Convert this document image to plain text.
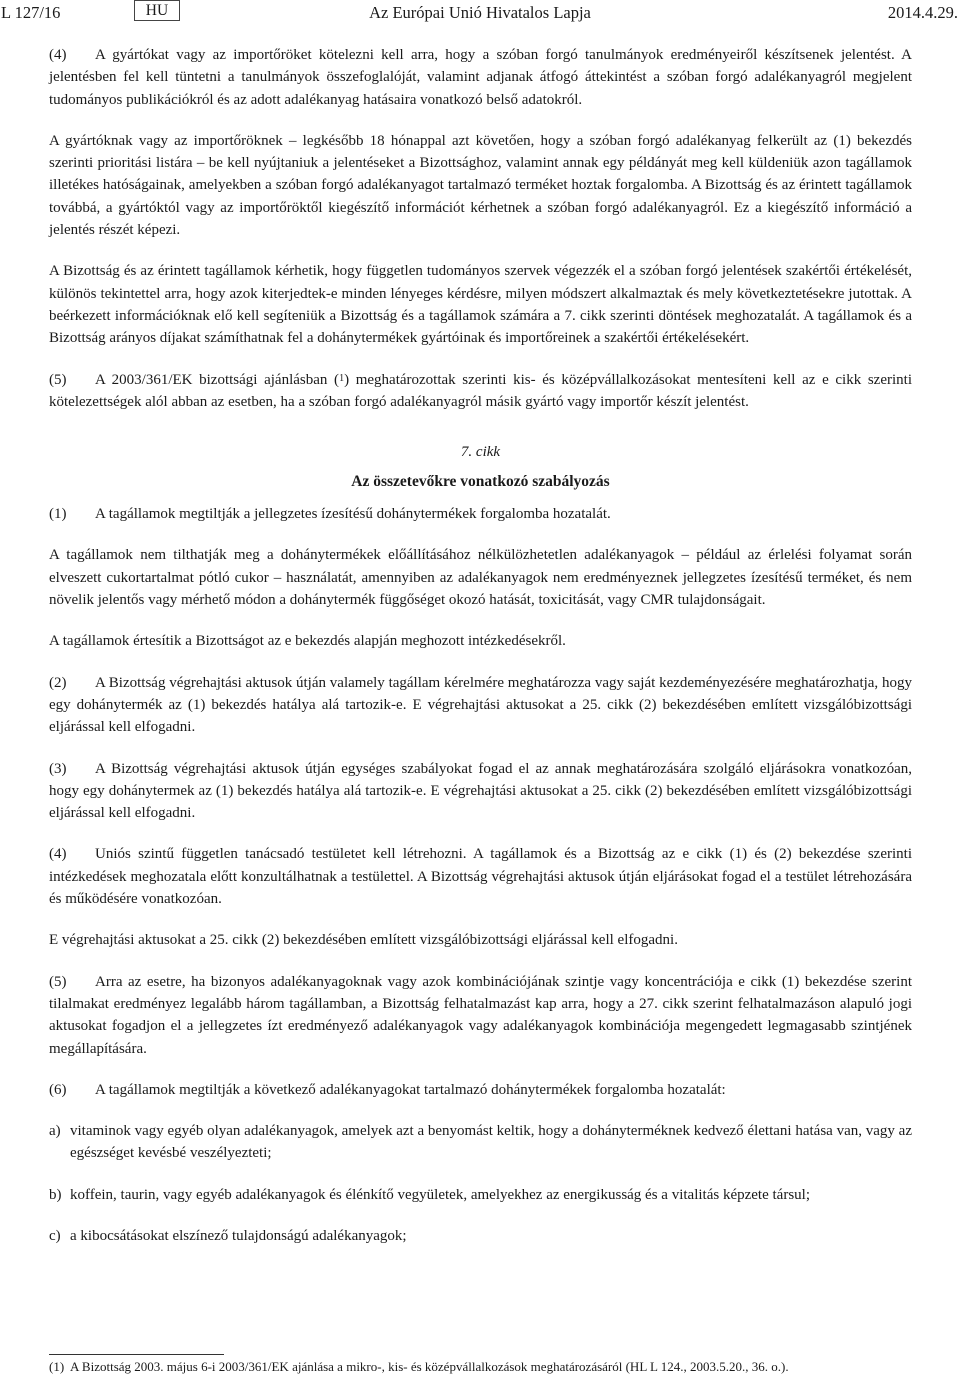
L 127/16	HU	Az Európai Unió Hivatalos Lapja	2014.4.29.

(4) A gyártókat vagy az importőröket kötelezni kell arra, hogy a szóban forgó tanulmányok eredményeiről készítsenek jelentést. A jelentésben fel kell tüntetni a tanulmányok összefoglalóját, valamint adjanak átfogó áttekintést a szóban forgó adalékanyagról megjelent tudományos publikációkról és az adott adalékanyag hatásaira vonatkozó belső adatokról.

A gyártóknak vagy az importőröknek – legkésőbb 18 hónappal azt követően, hogy a szóban forgó adalékanyag felkerült az (1) bekezdés szerinti prioritási listára – be kell nyújtaniuk a jelentéseket a Bizottsághoz, valamint annak egy példányát meg kell küldeniük azon tagállamok illetékes hatóságainak, amelyekben a szóban forgó adalékanyagot tartalmazó terméket hoztak forgalomba. A Bizottság és az érintett tagállamok továbbá, a gyártóktól vagy az importőröktől kiegészítő információt kérhetnek a szóban forgó adalékanyagról. Ez a kiegészítő információ a jelentés részét képezi.

A Bizottság és az érintett tagállamok kérhetik, hogy független tudományos szervek végezzék el a szóban forgó jelentések szakértői értékelését, különös tekintettel arra, hogy azok kiterjedtek-e minden lényeges kérdésre, milyen módszert alkalmaztak és mely következtetésekre jutottak. A beérkezett információknak elő kell segíteniük a Bizottság és a tagállamok számára a 7. cikk szerinti döntések meghozatalát. A tagállamok és a Bizottság arányos díjakat számíthatnak fel a dohánytermékek gyártóinak és importőreinek a szakértői értékelésekért.

(5) A 2003/361/EK bizottsági ajánlásban ($^1$) meghatározottak szerinti kis- és középvállalkozásokat mentesíteni kell az e cikk szerinti kötelezettségek alól abban az esetben, ha a szóban forgó adalékanyagról másik gyártó vagy importőr készít jelentést.

7. cikk
Az összetevőkre vonatkozó szabályozás

(1) A tagállamok megtiltják a jellegzetes ízesítésű dohánytermékek forgalomba hozatalát.

A tagállamok nem tilthatják meg a dohánytermékek előállításához nélkülözhetetlen adalékanyagok – például az érlelési folyamat során elveszett cukortartalmat pótló cukor – használatát, amennyiben az adalékanyagok nem eredményeznek jellegzetes ízesítésű terméket, és nem növelik jelentős vagy mérhető módon a dohánytermék függőséget okozó hatását, toxicitását, vagy CMR tulajdonságait.

A tagállamok értesítik a Bizottságot az e bekezdés alapján meghozott intézkedésekről.

(2) A Bizottság végrehajtási aktusok útján valamely tagállam kérelmére meghatározza vagy saját kezdeményezésére meghatározhatja, hogy egy dohánytermék az (1) bekezdés hatálya alá tartozik-e. E végrehajtási aktusokat a 25. cikk (2) bekezdésében említett vizsgálóbizottsági eljárással kell elfogadni.

(3) A Bizottság végrehajtási aktusok útján egységes szabályokat fogad el az annak meghatározására szolgáló eljárásokra vonatkozóan, hogy egy dohánytermek az (1) bekezdés hatálya alá tartozik-e. E végrehajtási aktusokat a 25. cikk (2) bekezdésében említett vizsgálóbizottsági eljárással kell elfogadni.

(4) Uniós szintű független tanácsadó testületet kell létrehozni. A tagállamok és a Bizottság az e cikk (1) és (2) bekezdése szerinti intézkedések meghozatala előtt konzultálhatnak a testülettel. A Bizottság végrehajtási aktusok útján eljárásokat fogad el a testület létrehozására és működésére vonatkozóan.

E végrehajtási aktusokat a 25. cikk (2) bekezdésében említett vizsgálóbizottsági eljárással kell elfogadni.

(5) Arra az esetre, ha bizonyos adalékanyagoknak vagy azok kombinációjának szintje vagy koncentrációja e cikk (1) bekezdése szerint tilalmakat eredményez legalább három tagállamban, a Bizottság felhatalmazást kap arra, hogy a 27. cikk szerint felhatalmazáson alapuló jogi aktusokat fogadjon el a jellegzetes ízt eredményező adalékanyagok vagy adalékanyagok kombinációja megengedett legmagasabb szintjének megállapítására.

(6) A tagállamok megtiltják a következő adalékanyagokat tartalmazó dohánytermékek forgalomba hozatalát:

a) vitaminok vagy egyéb olyan adalékanyagok, amelyek azt a benyomást keltik, hogy a dohányterméknek kedvező élettani hatása van, vagy az egészséget kevésbé veszélyezteti;
b) koffein, taurin, vagy egyéb adalékanyagok és élénkítő vegyületek, amelyekhez az energikusság és a vitalitás képzete társul;
c) a kibocsátásokat elszínező tulajdonságú adalékanyagok;
(1) A Bizottság 2003. május 6-i 2003/361/EK ajánlása a mikro-, kis- és középvállalkozások meghatározásáról (HL L 124., 2003.5.20., 36. o.).
